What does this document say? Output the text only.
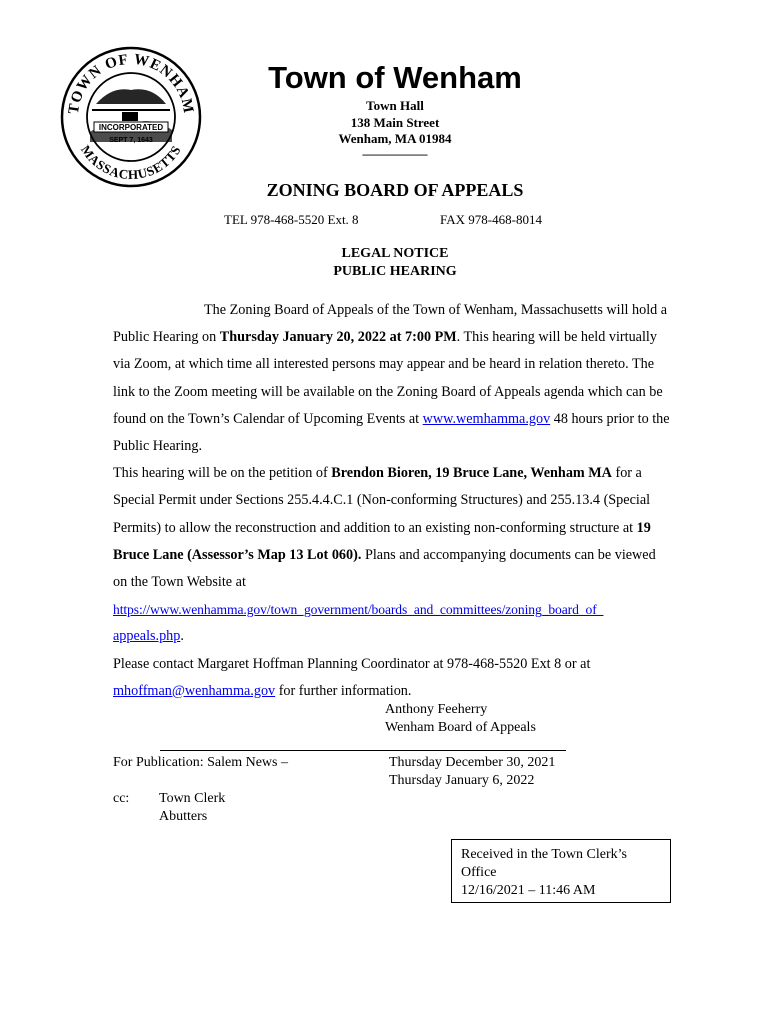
TOWN OF WENHAM
MASSACHUSETTS
INCORPORATED
SEPT 7, 1643
Town of Wenham
Town Hall
138 Main Street
Wenham, MA 01984
—————
ZONING BOARD OF APPEALS
TEL 978-468-5520 Ext. 8	FAX 978-468-8014
LEGAL NOTICE
PUBLIC HEARING

The Zoning Board of Appeals of the Town of Wenham, Massachusetts will hold a Public Hearing on Thursday January 20, 2022 at 7:00 PM. This hearing will be held virtually via Zoom, at which time all interested persons may appear and be heard in relation thereto. The link to the Zoom meeting will be available on the Zoning Board of Appeals agenda which can be found on the Town’s Calendar of Upcoming Events at www.wemhamma.gov 48 hours prior to the Public Hearing.

This hearing will be on the petition of Brendon Bioren, 19 Bruce Lane, Wenham MA for a Special Permit under Sections 255.4.4.C.1 (Non-conforming Structures) and 255.13.4 (Special Permits) to allow the reconstruction and addition to an existing non-conforming structure at 19 Bruce Lane (Assessor’s Map 13 Lot 060). Plans and accompanying documents can be viewed on the Town Website at

https://www.wenhamma.gov/town_government/boards_and_committees/zoning_board_of_
appeals.php.

Please contact Margaret Hoffman Planning Coordinator at 978-468-5520 Ext 8 or at

mhoffman@wenhamma.gov for further information.

Anthony Feeherry
Wenham Board of Appeals
For Publication: Salem News –	Thursday December 30, 2021
Thursday January 6, 2022
cc: Town Clerk
Abutters
Received in the Town Clerk’s
Office
12/16/2021 – 11:46 AM
